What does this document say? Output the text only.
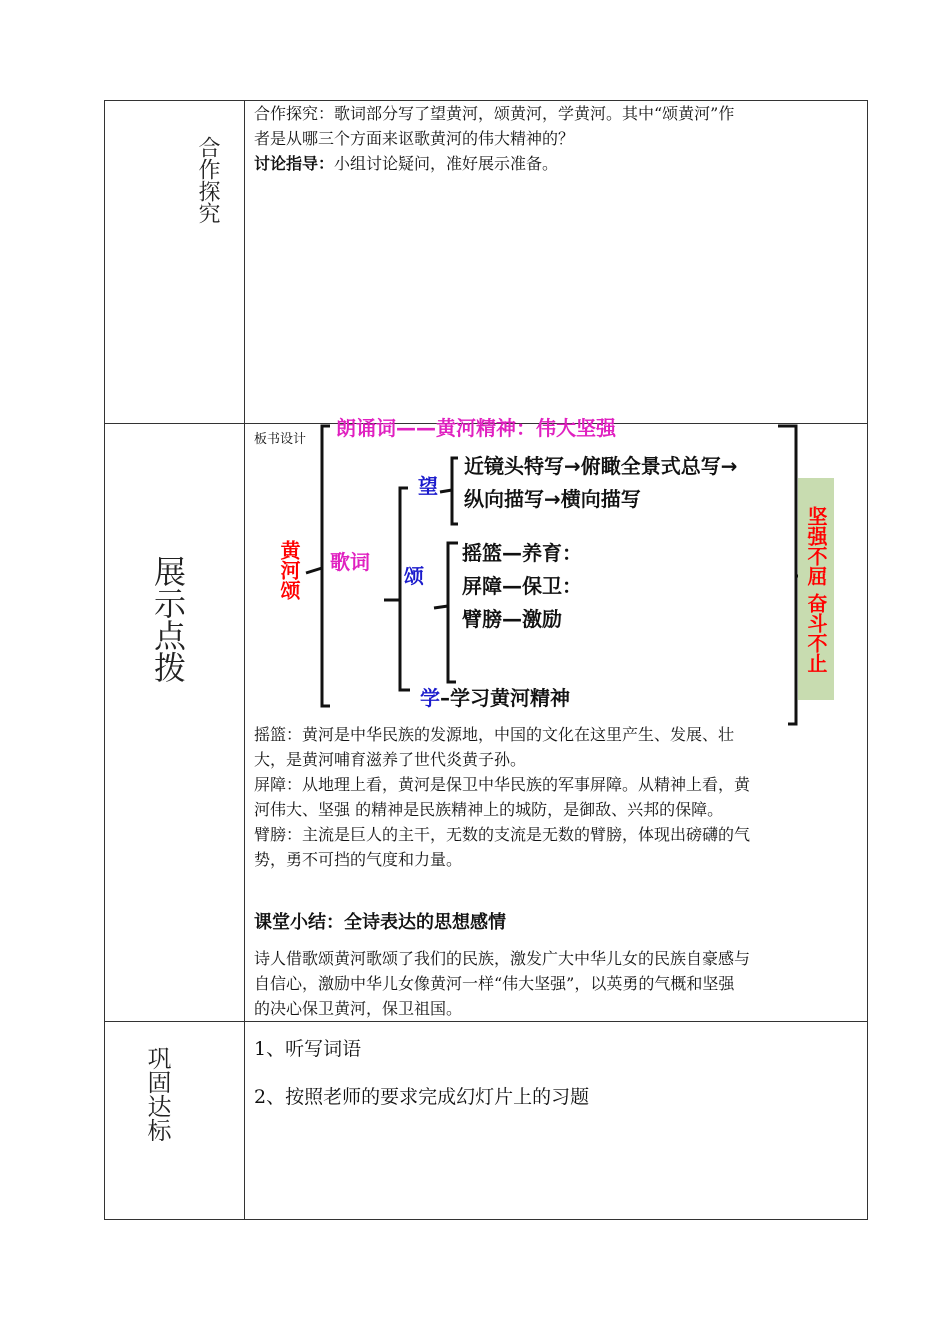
合作探究

合作探究：歌词部分写了望黄河，颂黄河，学黄河。其中“颂黄河”作

者是从哪三个方面来讴歌黄河的伟大精神的？

讨论指导：小组讨论疑问，准好展示准备。

展示点拨
板书设计 朗诵词——黄河精神：伟大坚强
黄河颂 歌词
望
近镜头特写→俯瞰全景式总写→
纵向描写→横向描写
颂
摇篮—养育：
屏障—保卫：
臂膀—激励
学–学习黄河精神
坚强不屈 奋斗不止

摇篮：黄河是中华民族的发源地，中国的文化在这里产生、发展、壮

大，是黄河哺育滋养了世代炎黄子孙。

屏障：从地理上看，黄河是保卫中华民族的军事屏障。从精神上看，黄

河伟大、坚强 的精神是民族精神上的城防，是御敌、兴邦的保障。

臂膀：主流是巨人的主干，无数的支流是无数的臂膀，体现出磅礴的气

势，勇不可挡的气度和力量。

课堂小结：全诗表达的思想感情

诗人借歌颂黄河歌颂了我们的民族，激发广大中华儿女的民族自豪感与

自信心，激励中华儿女像黄河一样“伟大坚强”，以英勇的气概和坚强

的决心保卫黄河，保卫祖国。

巩固达标	1、听写词语
2、按照老师的要求完成幻灯片上的习题
